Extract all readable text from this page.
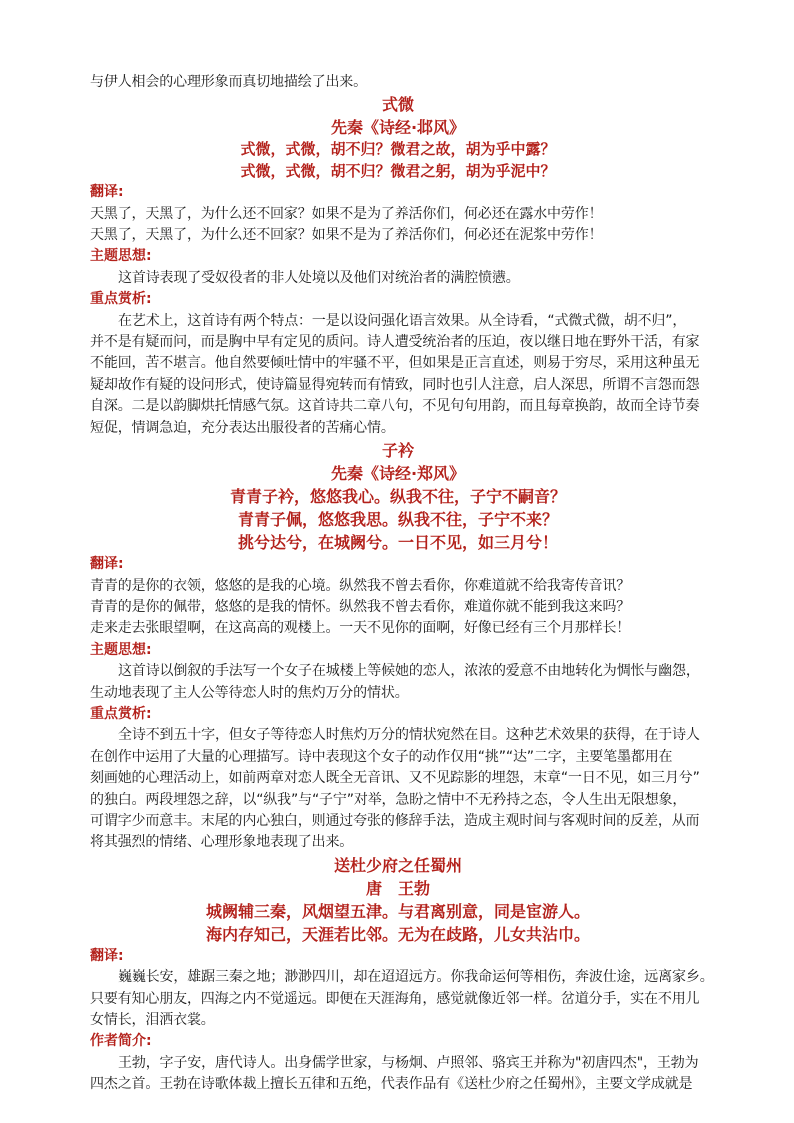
与伊人相会的心理形象而真切地描绘了出来。
式微
先秦《诗经·邶风》
式微，式微，胡不归？微君之故，胡为乎中露？
式微，式微，胡不归？微君之躬，胡为乎泥中？
翻译:
天黑了，天黑了，为什么还不回家？如果不是为了养活你们，何必还在露水中劳作！
天黑了，天黑了，为什么还不回家？如果不是为了养活你们，何必还在泥浆中劳作！
主题思想:
这首诗表现了受奴役者的非人处境以及他们对统治者的满腔愤懑。
重点赏析:
在艺术上，这首诗有两个特点：一是以设问强化语言效果。从全诗看，“式微式微，胡不归”，
并不是有疑而问，而是胸中早有定见的质问。诗人遭受统治者的压迫，夜以继日地在野外干活，有家
不能回，苦不堪言。他自然要倾吐情中的牢骚不平，但如果是正言直述，则易于穷尽，采用这种虽无
疑却故作有疑的设问形式，使诗篇显得宛转而有情致，同时也引人注意，启人深思，所谓不言怨而怨
自深。二是以韵脚烘托情感气氛。这首诗共二章八句，不见句句用韵，而且每章换韵，故而全诗节奏
短促，情调急迫，充分表达出服役者的苦痛心情。
子衿
先秦《诗经·郑风》
青青子衿，悠悠我心。纵我不往，子宁不嗣音？
青青子佩，悠悠我思。纵我不往，子宁不来？
挑兮达兮，在城阙兮。一日不见，如三月兮！
翻译:
青青的是你的衣领，悠悠的是我的心境。纵然我不曾去看你，你难道就不给我寄传音讯？
青青的是你的佩带，悠悠的是我的情怀。纵然我不曾去看你，难道你就不能到我这来吗？
走来走去张眼望啊，在这高高的观楼上。一天不见你的面啊，好像已经有三个月那样长！
主题思想:
这首诗以倒叙的手法写一个女子在城楼上等候她的恋人，浓浓的爱意不由地转化为惆怅与幽怨，
生动地表现了主人公等待恋人时的焦灼万分的情状。
重点赏析:
全诗不到五十字，但女子等待恋人时焦灼万分的情状宛然在目。这种艺术效果的获得，在于诗人
在创作中运用了大量的心理描写。诗中表现这个女子的动作仅用“挑”“达”二字，主要笔墨都用在
刻画她的心理活动上，如前两章对恋人既全无音讯、又不见踪影的埋怨，末章“一日不见，如三月兮”
的独白。两段埋怨之辞，以“纵我”与“子宁”对举，急盼之情中不无矜持之态，令人生出无限想象，
可谓字少而意丰。末尾的内心独白，则通过夸张的修辞手法，造成主观时间与客观时间的反差，从而
将其强烈的情绪、心理形象地表现了出来。
送杜少府之任蜀州
唐　王勃
城阙辅三秦，风烟望五津。与君离别意，同是宦游人。
海内存知己，天涯若比邻。无为在歧路，儿女共沾巾。
翻译:
巍巍长安，雄踞三秦之地；渺渺四川，却在迢迢远方。你我命运何等相伤，奔波仕途，远离家乡。
只要有知心朋友，四海之内不觉遥远。即便在天涯海角，感觉就像近邻一样。岔道分手，实在不用儿
女情长，泪洒衣裳。
作者简介:
王勃，字子安，唐代诗人。出身儒学世家，与杨炯、卢照邻、骆宾王并称为"初唐四杰"，王勃为
四杰之首。王勃在诗歌体裁上擅长五律和五绝，代表作品有《送杜少府之任蜀州》，主要文学成就是
